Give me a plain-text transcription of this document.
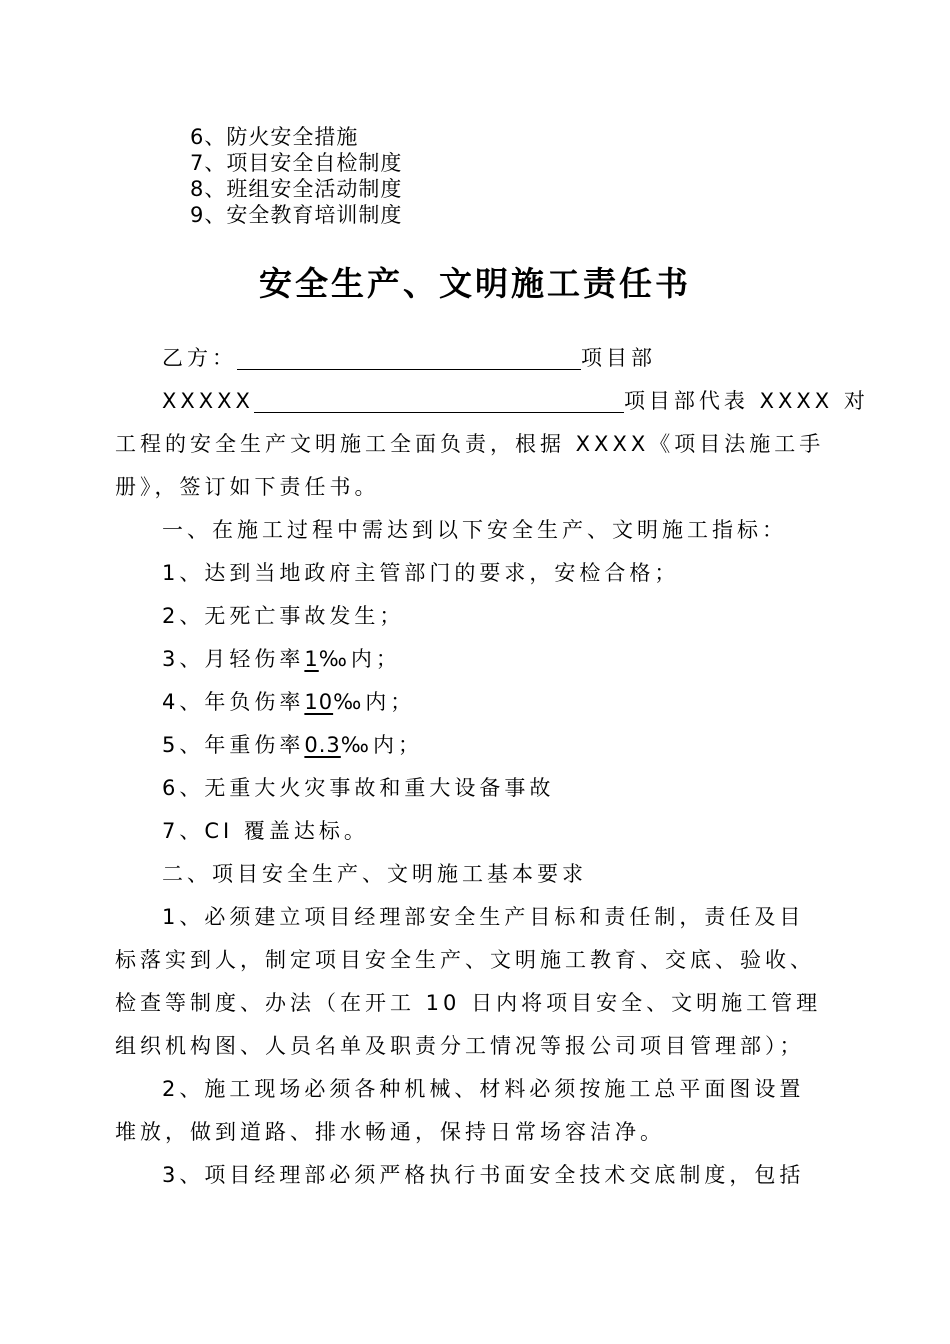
6、防火安全措施
7、项目安全自检制度
8、班组安全活动制度
9、安全教育培训制度
安全生产、文明施工责任书
乙方：	项目部
XXXXX	项目部代表 XXXX 对
工程的安全生产文明施工全面负责，根据 XXXX《项目法施工手
册》，签订如下责任书。
一、在施工过程中需达到以下安全生产、文明施工指标：
1、达到当地政府主管部门的要求，安检合格；
2、无死亡事故发生；
3、月轻伤率1‰内；
4、年负伤率10‰内；
5、年重伤率0.3‰内；
6、无重大火灾事故和重大设备事故
7、CI 覆盖达标。
二、项目安全生产、文明施工基本要求
1、必须建立项目经理部安全生产目标和责任制，责任及目
标落实到人，制定项目安全生产、文明施工教育、交底、验收、
检查等制度、办法（在开工 10 日内将项目安全、文明施工管理
组织机构图、人员名单及职责分工情况等报公司项目管理部）；
2、施工现场必须各种机械、材料必须按施工总平面图设置
堆放，做到道路、排水畅通，保持日常场容洁净。
3、项目经理部必须严格执行书面安全技术交底制度，包括
